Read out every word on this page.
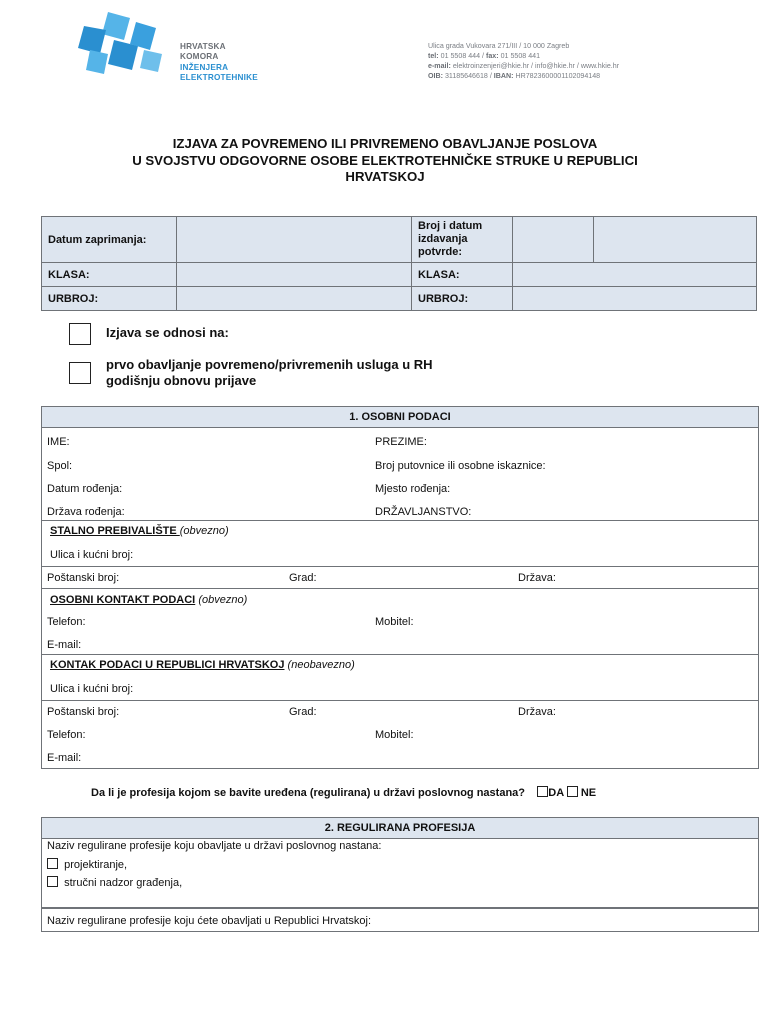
HRVATSKA
KOMORA
INŽENJERA
ELEKTROTEHNIKE
Ulica grada Vukovara 271/III / 10 000 Zagreb
tel: 01 5508 444 / fax: 01 5508 441
e-mail: elektroinzenjeri@hkie.hr / info@hkie.hr / www.hkie.hr
OIB: 31185646618 / IBAN: HR7823600001102094148
IZJAVA ZA POVREMENO ILI PRIVREMENO OBAVLJANJE POSLOVA
U SVOJSTVU ODGOVORNE OSOBE ELEKTROTEHNIČKE STRUKE U REPUBLICI
HRVATSKOJ
Datum zaprimanja:		Broj i datum
izdavanja
potvrde:		
KLASA:		KLASA:		
URBROJ:		URBROJ:		
Izjava se odnosi na:
prvo obavljanje povremeno/privremenih usluga u RH
godišnju obnovu prijave
1. OSOBNI PODACI
IME:	PREZIME:
Spol:	Broj putovnice ili osobne iskaznice:
Datum rođenja:	Mjesto rođenja:
Država rođenja:	DRŽAVLJANSTVO:
STALNO PREBIVALIŠTE (obvezno)
Ulica i kućni broj:
Poštanski broj:	Grad:	Država:
OSOBNI KONTAKT PODACI (obvezno)
Telefon:	Mobitel:
E-mail:
KONTAK PODACI U REPUBLICI HRVATSKOJ (neobavezno)
Ulica i kućni broj:
Poštanski broj:	Grad:	Država:
Telefon:	Mobitel:
E-mail:
Da li je profesija kojom se bavite uređena (regulirana) u državi poslovnog nastana? DA NE
2. REGULIRANA PROFESIJA
Naziv regulirane profesije koju obavljate u državi poslovnog nastana:
projektiranje,
stručni nadzor građenja,
Naziv regulirane profesije koju ćete obavljati u Republici Hrvatskoj:
